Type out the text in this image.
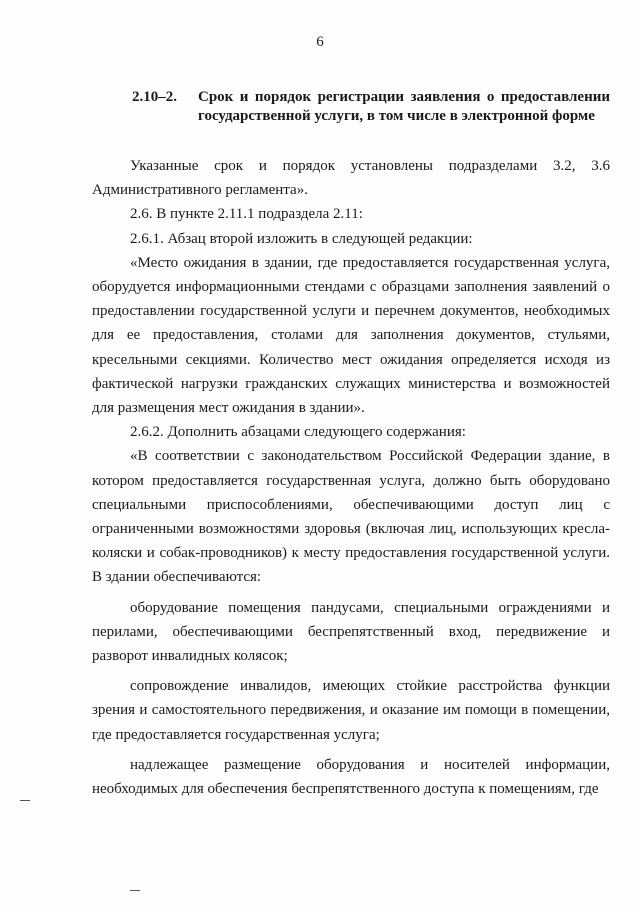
6
2.10–2.	Срок и порядок регистрации заявления о предоставлении государственной услуги, в том числе в электронной форме

Указанные срок и порядок установлены подразделами 3.2, 3.6 Административного регламента».

2.6. В пункте 2.11.1 подраздела 2.11:

2.6.1. Абзац второй изложить в следующей редакции:

«Место ожидания в здании, где предоставляется государственная услуга, оборудуется информационными стендами с образцами заполнения заявлений о предоставлении государственной услуги и перечнем документов, необходимых для ее предоставления, столами для заполнения документов, стульями, кресельными секциями. Количество мест ожидания определяется исходя из фактической нагрузки гражданских служащих министерства и возможностей для размещения мест ожидания в здании».

2.6.2. Дополнить абзацами следующего содержания:

«В соответствии с законодательством Российской Федерации здание, в котором предоставляется государственная услуга, должно быть оборудовано специальными приспособлениями, обеспечивающими доступ лиц с ограниченными возможностями здоровья (включая лиц, использующих кресла-коляски и собак-проводников) к месту предоставления государственной услуги. В здании обеспечиваются:

оборудование помещения пандусами, специальными ограждениями и перилами, обеспечивающими беспрепятственный вход, передвижение и разворот инвалидных колясок;

сопровождение инвалидов, имеющих стойкие расстройства функции зрения и самостоятельного передвижения, и оказание им помощи в помещении, где предоставляется государственная услуга;

надлежащее размещение оборудования и носителей информации, необходимых для обеспечения беспрепятственного доступа к помещениям, где
